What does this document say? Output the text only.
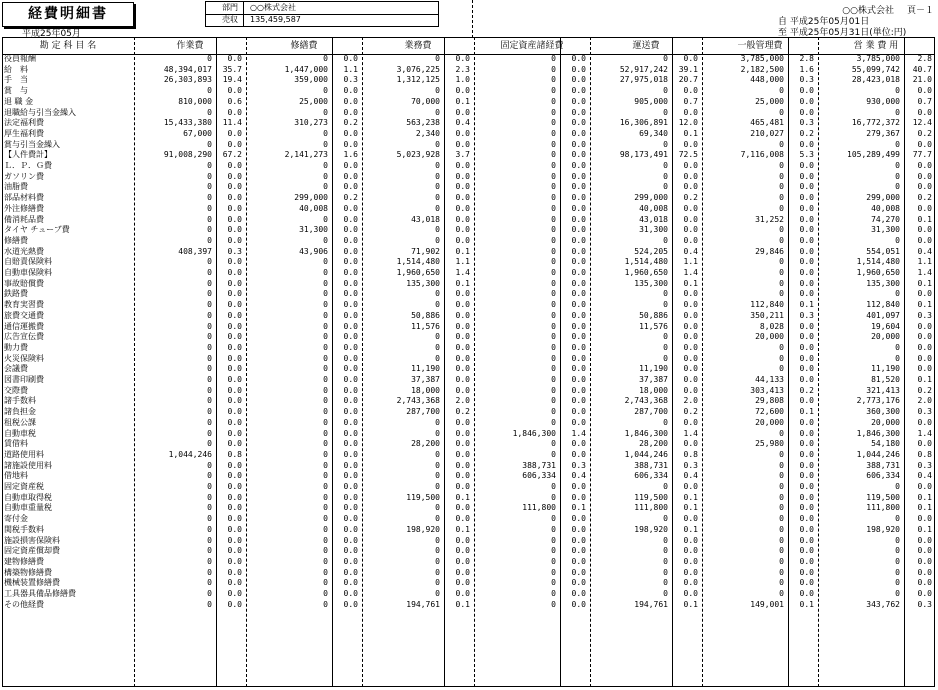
経費明細書
平成25年05月
部門	○○株式会社
売収	135,459,587
○○株式会社 頁－１
自 平成25年05月01日
至 平成25年05月31日(単位:円)
勘 定 科 目 名	作業費	修繕費	業務費	固定資産諸経費	運送費	一般管理費	営 業 費 用
役員報酬	0 0.0	0 0.0	0 0.0	0 0.0	0 0.0	3,785,000 2.8	3,785,000 2.8
給　料	48,394,017 35.7	1,447,000 1.1	3,076,225 2.3	0 0.0	52,917,242 39.1	2,182,500 1.6	55,099,742 40.7
手　当	26,303,893 19.4	359,000 0.3	1,312,125 1.0	0 0.0	27,975,018 20.7	448,000 0.3	28,423,018 21.0
賞　与	0 0.0	0 0.0	0 0.0	0 0.0	0 0.0	0 0.0	0 0.0
退 職 金	810,000 0.6	25,000 0.0	70,000 0.1	0 0.0	905,000 0.7	25,000 0.0	930,000 0.7
退職給与引当金繰入	0 0.0	0 0.0	0 0.0	0 0.0	0 0.0	0 0.0	0 0.0
法定福利費	15,433,380 11.4	310,273 0.2	563,238 0.4	0 0.0	16,306,891 12.0	465,481 0.3	16,772,372 12.4
厚生福利費	67,000 0.0	0 0.0	2,340 0.0	0 0.0	69,340 0.1	210,027 0.2	279,367 0.2
賞与引当金繰入	0 0.0	0 0.0	0 0.0	0 0.0	0 0.0	0 0.0	0 0.0
【人件費計】	91,008,290 67.2	2,141,273 1.6	5,023,928 3.7	0 0.0	98,173,491 72.5	7,116,008 5.3	105,289,499 77.7
Ｌ．Ｐ．Ｇ費	0 0.0	0 0.0	0 0.0	0 0.0	0 0.0	0 0.0	0 0.0
ガソリン費	0 0.0	0 0.0	0 0.0	0 0.0	0 0.0	0 0.0	0 0.0
油脂費	0 0.0	0 0.0	0 0.0	0 0.0	0 0.0	0 0.0	0 0.0
部品材料費	0 0.0	299,000 0.2	0 0.0	0 0.0	299,000 0.2	0 0.0	299,000 0.2
外注修繕費	0 0.0	40,008 0.0	0 0.0	0 0.0	40,008 0.0	0 0.0	40,008 0.0
備消耗品費	0 0.0	0 0.0	43,018 0.0	0 0.0	43,018 0.0	31,252 0.0	74,270 0.1
タイヤ チューブ費	0 0.0	31,300 0.0	0 0.0	0 0.0	31,300 0.0	0 0.0	31,300 0.0
修繕費	0 0.0	0 0.0	0 0.0	0 0.0	0 0.0	0 0.0	0 0.0
水道光熱費	408,397 0.3	43,906 0.0	71,902 0.1	0 0.0	524,205 0.4	29,846 0.0	554,051 0.4
自賠責保険料	0 0.0	0 0.0	1,514,480 1.1	0 0.0	1,514,480 1.1	0 0.0	1,514,480 1.1
自動車保険料	0 0.0	0 0.0	1,960,650 1.4	0 0.0	1,960,650 1.4	0 0.0	1,960,650 1.4
事故賠償費	0 0.0	0 0.0	135,300 0.1	0 0.0	135,300 0.1	0 0.0	135,300 0.1
鉄路費	0 0.0	0 0.0	0 0.0	0 0.0	0 0.0	0 0.0	0 0.0
教育実習費	0 0.0	0 0.0	0 0.0	0 0.0	0 0.0	112,840 0.1	112,840 0.1
旅費交通費	0 0.0	0 0.0	50,886 0.0	0 0.0	50,886 0.0	350,211 0.3	401,097 0.3
通信運搬費	0 0.0	0 0.0	11,576 0.0	0 0.0	11,576 0.0	8,028 0.0	19,604 0.0
広告宣伝費	0 0.0	0 0.0	0 0.0	0 0.0	0 0.0	20,000 0.0	20,000 0.0
動力費	0 0.0	0 0.0	0 0.0	0 0.0	0 0.0	0 0.0	0 0.0
火災保険料	0 0.0	0 0.0	0 0.0	0 0.0	0 0.0	0 0.0	0 0.0
会議費	0 0.0	0 0.0	11,190 0.0	0 0.0	11,190 0.0	0 0.0	11,190 0.0
図書印刷費	0 0.0	0 0.0	37,387 0.0	0 0.0	37,387 0.0	44,133 0.0	81,520 0.1
交際費	0 0.0	0 0.0	18,000 0.0	0 0.0	18,000 0.0	303,413 0.2	321,413 0.2
諸手数料	0 0.0	0 0.0	2,743,368 2.0	0 0.0	2,743,368 2.0	29,808 0.0	2,773,176 2.0
諸負担金	0 0.0	0 0.0	287,700 0.2	0 0.0	287,700 0.2	72,600 0.1	360,300 0.3
租税公課	0 0.0	0 0.0	0 0.0	0 0.0	0 0.0	20,000 0.0	20,000 0.0
自動車税	0 0.0	0 0.0	0 0.0	1,846,300 1.4	1,846,300 1.4	0 0.0	1,846,300 1.4
賃借料	0 0.0	0 0.0	28,200 0.0	0 0.0	28,200 0.0	25,980 0.0	54,180 0.0
道路使用料	1,044,246 0.8	0 0.0	0 0.0	0 0.0	1,044,246 0.8	0 0.0	1,044,246 0.8
諸施設使用料	0 0.0	0 0.0	0 0.0	388,731 0.3	388,731 0.3	0 0.0	388,731 0.3
借地料	0 0.0	0 0.0	0 0.0	606,334 0.4	606,334 0.4	0 0.0	606,334 0.4
固定資産税	0 0.0	0 0.0	0 0.0	0 0.0	0 0.0	0 0.0	0 0.0
自動車取得税	0 0.0	0 0.0	119,500 0.1	0 0.0	119,500 0.1	0 0.0	119,500 0.1
自動車重量税	0 0.0	0 0.0	0 0.0	111,800 0.1	111,800 0.1	0 0.0	111,800 0.1
寄付金	0 0.0	0 0.0	0 0.0	0 0.0	0 0.0	0 0.0	0 0.0
関税手数料	0 0.0	0 0.0	198,920 0.1	0 0.0	198,920 0.1	0 0.0	198,920 0.1
施設損害保険料	0 0.0	0 0.0	0 0.0	0 0.0	0 0.0	0 0.0	0 0.0
固定資産償却費	0 0.0	0 0.0	0 0.0	0 0.0	0 0.0	0 0.0	0 0.0
建物修繕費	0 0.0	0 0.0	0 0.0	0 0.0	0 0.0	0 0.0	0 0.0
構築物修繕費	0 0.0	0 0.0	0 0.0	0 0.0	0 0.0	0 0.0	0 0.0
機械装置修繕費	0 0.0	0 0.0	0 0.0	0 0.0	0 0.0	0 0.0	0 0.0
工具器具備品修繕費	0 0.0	0 0.0	0 0.0	0 0.0	0 0.0	0 0.0	0 0.0
その他経費	0 0.0	0 0.0	194,761 0.1	0 0.0	194,761 0.1	149,001 0.1	343,762 0.3
